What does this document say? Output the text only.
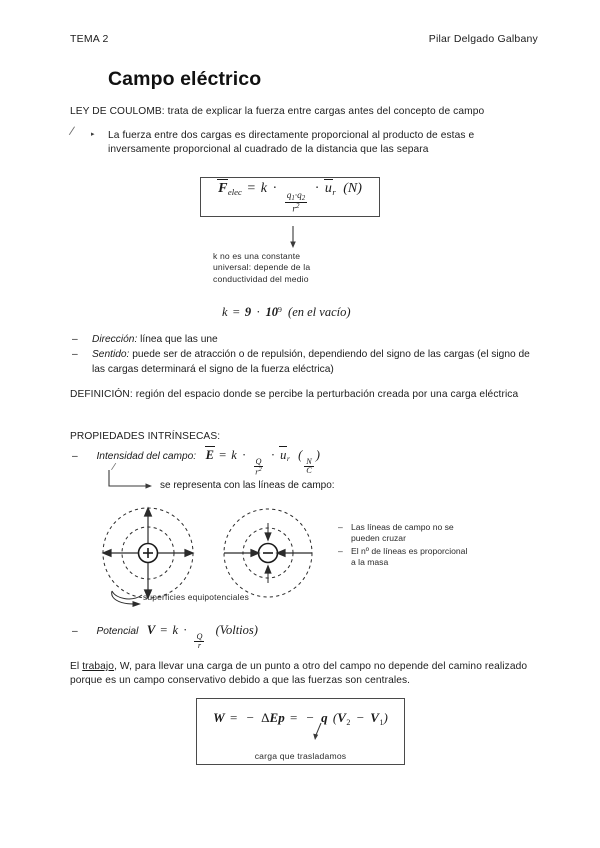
TEMA 2	Pilar Delgado Galbany
Campo eléctrico
LEY DE COULOMB: trata de explicar la fuerza entre cargas antes del concepto de campo
/ ▸ La fuerza entre dos cargas es directamente proporcional al producto de estas e inversamente proporcional al cuadrado de la distancia que las separa
$F_{elec} = k$ ·
$\frac{q_1\cdot q_2}{r^2}$
· $u_r$ (N)
k no es una constante
universal: depende de la
conductividad del medio
$k = 9 \cdot 10^9$ (en el vacío)
–	Dirección: línea que las une
–	Sentido: puede ser de atracción o de repulsión, dependiendo del signo de las cargas (el signo de las cargas determinará el signo de la fuerza eléctrica)
DEFINICIÓN: región del espacio donde se percibe la perturbación creada por una carga eléctrica
PROPIEDADES INTRÍNSECAS:
– Intensidad del campo: E = k ·
$\frac{Q}{r^2}$
· $u_r$ (
$\frac{N}{C}$
)
/
se representa con las líneas de campo:
superficies equipotenciales
– Las líneas de campo no se
pueden cruzar
– El nº de líneas es proporcional
a la masa
– Potencial V = k ·
$\frac{Q}{r}$
(Voltios)
El trabajo, W, para llevar una carga de un punto a otro del campo no depende del camino realizado porque es un campo conservativo debido a que las fuerzas son centrales.
W = − ΔEp = − q $(V_2 - V_1)$
carga que trasladamos
